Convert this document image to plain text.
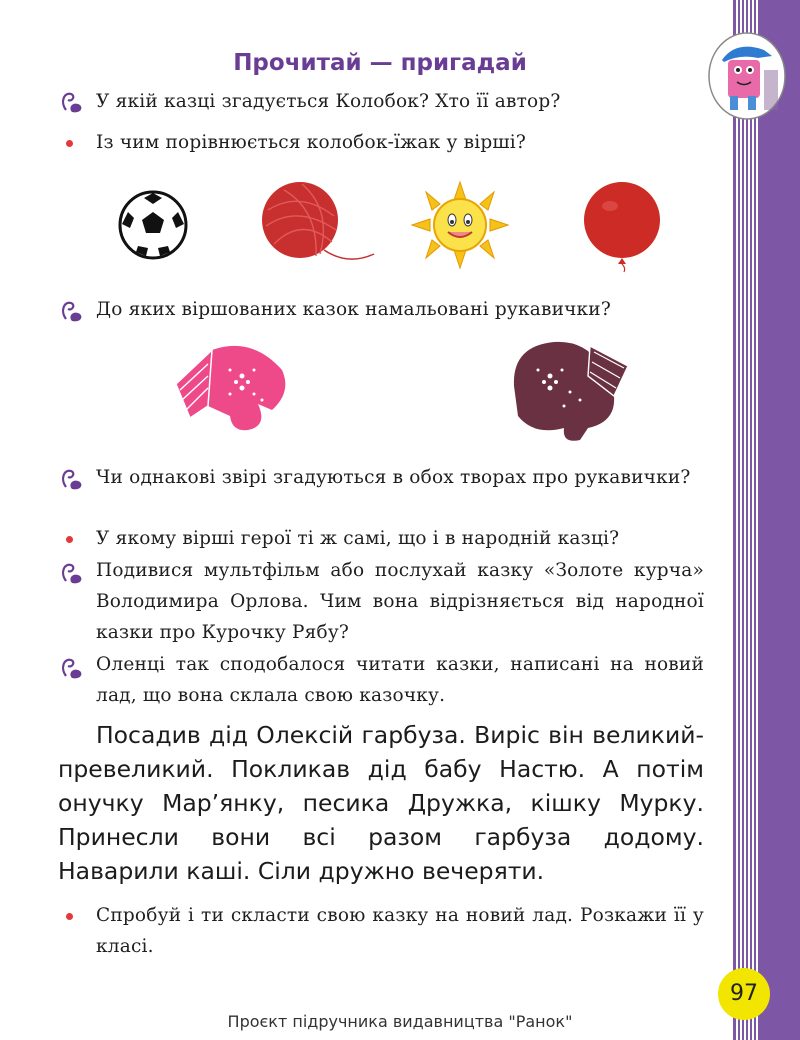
Прочитай — пригадай
У якій казці згадується Колобок? Хто її автор?
Із чим порівнюється колобок-їжак у вірші?
До яких віршованих казок намальовані рукавички?
Чи однакові звірі згадуються в обох творах про рукавички?
У якому вірші герої ті ж самі, що і в народній казці?
Подивися мультфільм або послухай казку «Золоте курча» Володимира Орлова. Чим вона відрізняється від народної казки про Курочку Рябу?
Оленці так сподобалося читати казки, написані на новий лад, що вона склала свою казочку.
Посадив дід Олексій гарбуза. Виріс він великий-превеликий. Покликав дід бабу Настю. А потім онучку Мар’янку, песика Дружка, кішку Мурку. Принесли вони всі разом гарбуза додому. Наварили каші. Сіли дружно вечеряти.
Спробуй і ти скласти свою казку на новий лад. Розкажи її у класі.
97
Проєкт підручника видавництва "Ранок"
